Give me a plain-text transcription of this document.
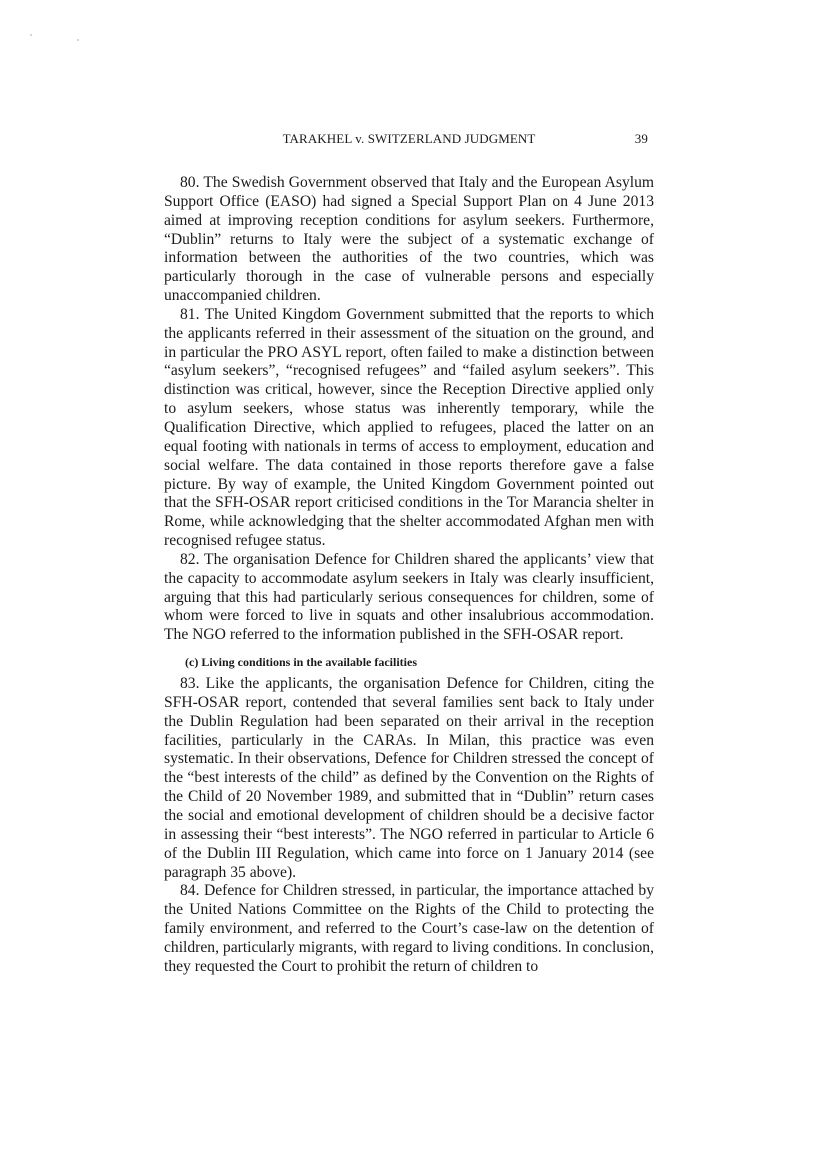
TARAKHEL v. SWITZERLAND JUDGMENT	39

80. The Swedish Government observed that Italy and the European Asylum Support Office (EASO) had signed a Special Support Plan on 4 June 2013 aimed at improving reception conditions for asylum seekers. Furthermore, “Dublin” returns to Italy were the subject of a systematic exchange of information between the authorities of the two countries, which was particularly thorough in the case of vulnerable persons and especially unaccompanied children.

81. The United Kingdom Government submitted that the reports to which the applicants referred in their assessment of the situation on the ground, and in particular the PRO ASYL report, often failed to make a distinction between “asylum seekers”, “recognised refugees” and “failed asylum seekers”. This distinction was critical, however, since the Reception Directive applied only to asylum seekers, whose status was inherently temporary, while the Qualification Directive, which applied to refugees, placed the latter on an equal footing with nationals in terms of access to employment, education and social welfare. The data contained in those reports therefore gave a false picture. By way of example, the United Kingdom Government pointed out that the SFH-OSAR report criticised conditions in the Tor Marancia shelter in Rome, while acknowledging that the shelter accommodated Afghan men with recognised refugee status.

82. The organisation Defence for Children shared the applicants’ view that the capacity to accommodate asylum seekers in Italy was clearly insufficient, arguing that this had particularly serious consequences for children, some of whom were forced to live in squats and other insalubrious accommodation. The NGO referred to the information published in the SFH-OSAR report.

(c) Living conditions in the available facilities

83. Like the applicants, the organisation Defence for Children, citing the SFH-OSAR report, contended that several families sent back to Italy under the Dublin Regulation had been separated on their arrival in the reception facilities, particularly in the CARAs. In Milan, this practice was even systematic. In their observations, Defence for Children stressed the concept of the “best interests of the child” as defined by the Convention on the Rights of the Child of 20 November 1989, and submitted that in “Dublin” return cases the social and emotional development of children should be a decisive factor in assessing their “best interests”. The NGO referred in particular to Article 6 of the Dublin III Regulation, which came into force on 1 January 2014 (see paragraph 35 above).

84. Defence for Children stressed, in particular, the importance attached by the United Nations Committee on the Rights of the Child to protecting the family environment, and referred to the Court’s case-law on the detention of children, particularly migrants, with regard to living conditions. In conclusion, they requested the Court to prohibit the return of children to
